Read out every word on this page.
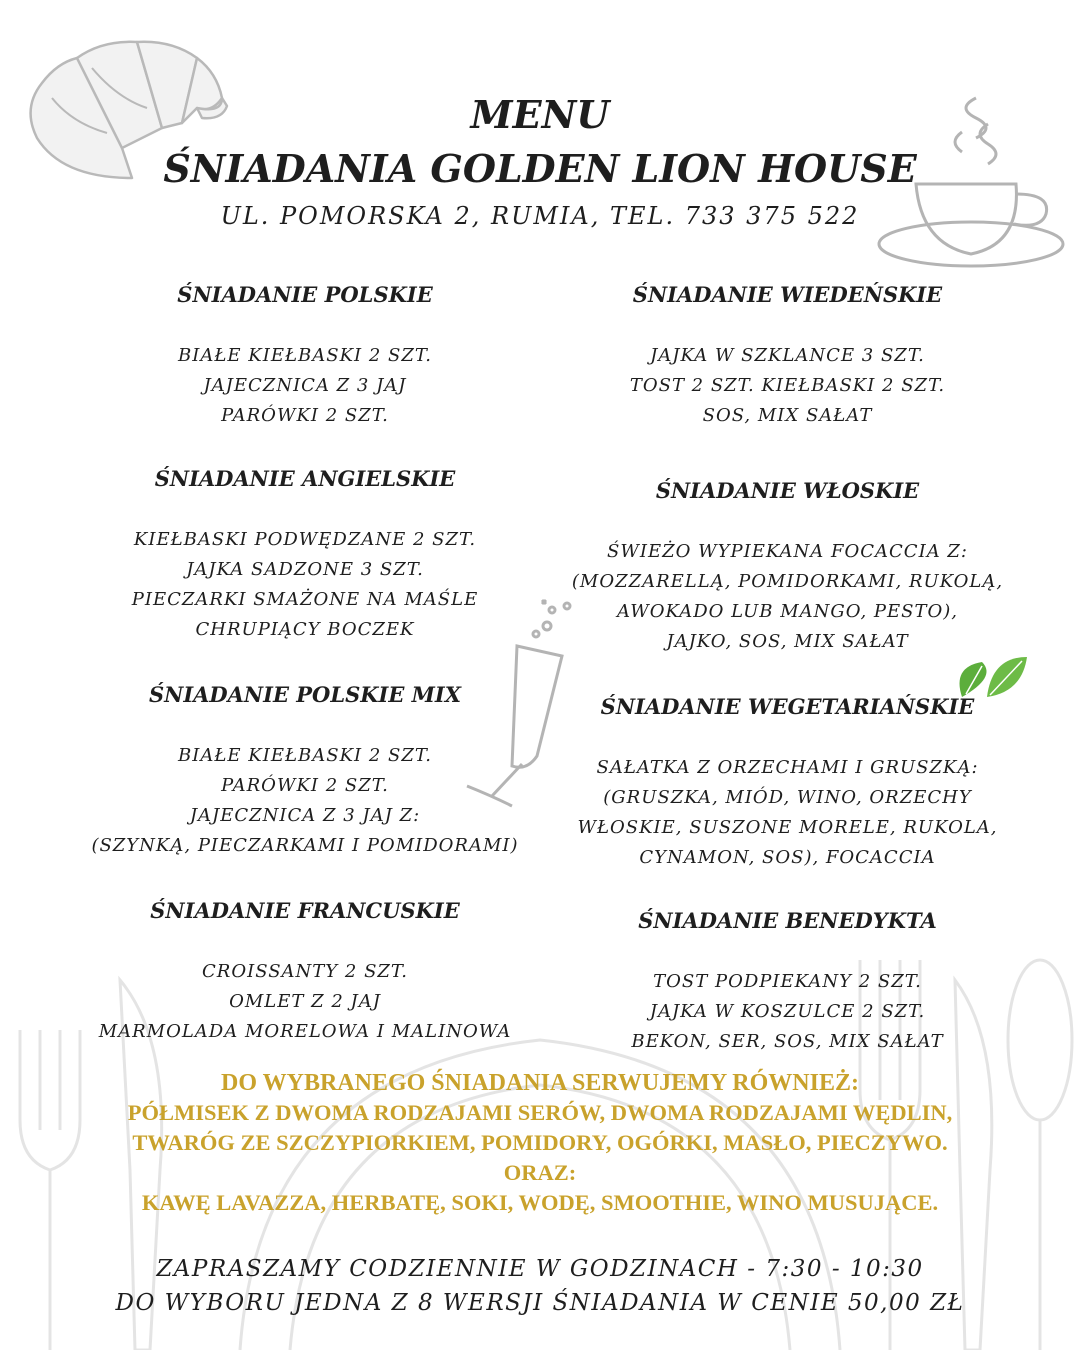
MENU
ŚNIADANIA GOLDEN LION HOUSE
UL. POMORSKA 2, RUMIA, TEL. 733 375 522
ŚNIADANIE POLSKIE
BIAŁE KIEŁBASKI 2 SZT.
JAJECZNICA Z 3 JAJ
PARÓWKI 2 SZT.
ŚNIADANIE ANGIELSKIE
KIEŁBASKI PODWĘDZANE 2 SZT.
JAJKA SADZONE 3 SZT.
PIECZARKI SMAŻONE NA MAŚLE
CHRUPIĄCY BOCZEK
ŚNIADANIE POLSKIE MIX
BIAŁE KIEŁBASKI 2 SZT.
PARÓWKI 2 SZT.
JAJECZNICA Z 3 JAJ Z:
(SZYNKĄ, PIECZARKAMI I POMIDORAMI)
ŚNIADANIE FRANCUSKIE
CROISSANTY 2 SZT.
OMLET Z 2 JAJ
MARMOLADA MORELOWA I MALINOWA
ŚNIADANIE WIEDEŃSKIE
JAJKA W SZKLANCE 3 SZT.
TOST 2 SZT. KIEŁBASKI 2 SZT.
SOS, MIX SAŁAT
ŚNIADANIE WŁOSKIE
ŚWIEŻO WYPIEKANA FOCACCIA Z:
(MOZZARELLĄ, POMIDORKAMI, RUKOLĄ,
AWOKADO LUB MANGO, PESTO),
JAJKO, SOS, MIX SAŁAT
ŚNIADANIE WEGETARIAŃSKIE
SAŁATKA Z ORZECHAMI I GRUSZKĄ:
(GRUSZKA, MIÓD, WINO, ORZECHY
WŁOSKIE, SUSZONE MORELE, RUKOLA,
CYNAMON, SOS), FOCACCIA
ŚNIADANIE BENEDYKTA
TOST PODPIEKANY 2 SZT.
JAJKA W KOSZULCE 2 SZT.
BEKON, SER, SOS, MIX SAŁAT
DO WYBRANEGO ŚNIADANIA SERWUJEMY RÓWNIEŻ:
PÓŁMISEK Z DWOMA RODZAJAMI SERÓW, DWOMA RODZAJAMI WĘDLIN,
TWARÓG ZE SZCZYPIORKIEM, POMIDORY, OGÓRKI, MASŁO, PIECZYWO.
ORAZ:
KAWĘ LAVAZZA, HERBATĘ, SOKI, WODĘ, SMOOTHIE, WINO MUSUJĄCE.
ZAPRASZAMY CODZIENNIE W GODZINACH - 7:30 - 10:30
DO WYBORU JEDNA Z 8 WERSJI ŚNIADANIA W CENIE 50,00 ZŁ
